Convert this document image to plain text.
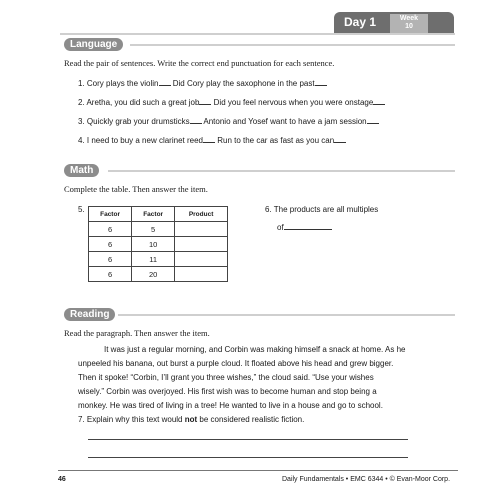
Day 1	Week
10
Language
Read the pair of sentences. Write the correct end punctuation for each sentence.
1. Cory plays the violin Did Cory play the saxophone in the past
2. Aretha, you did such a great job Did you feel nervous when you were onstage
3. Quickly grab your drumsticks Antonio and Yosef want to have a jam session
4. I need to buy a new clarinet reed Run to the car as fast as you can
Math
Complete the table. Then answer the item.
5. Factor	Factor	Product
6	5	
6	10	
6	11	
6	20	
6. The products are all multiples
of
Reading
Read the paragraph. Then answer the item.
It was just a regular morning, and Corbin was making himself a snack at home. As he
unpeeled his banana, out burst a purple cloud. It floated above his head and grew bigger.
Then it spoke! “Corbin, I’ll grant you three wishes,” the cloud said. “Use your wishes
wisely.” Corbin was overjoyed. His first wish was to become human and stop being a
monkey. He was tired of living in a tree! He wanted to live in a house and go to school.
7. Explain why this text would not be considered realistic fiction.
46	Daily Fundamentals • EMC 6344 • © Evan-Moor Corp.
